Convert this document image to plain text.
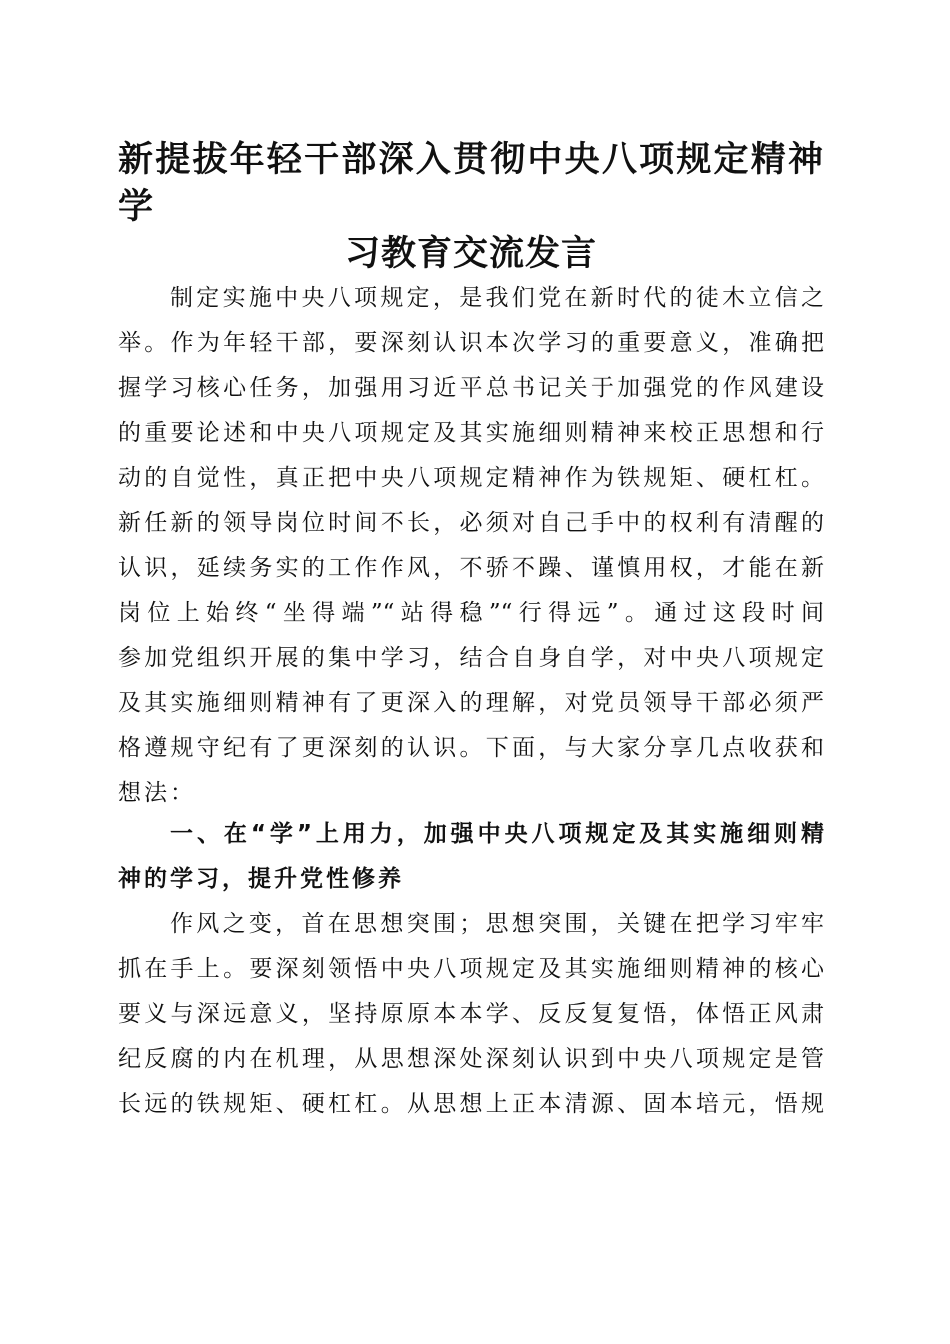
新提拔年轻干部深入贯彻中央八项规定精神学
习教育交流发言
制定实施中央八项规定，是我们党在新时代的徒木立信之
举。作为年轻干部，要深刻认识本次学习的重要意义，准确把
握学习核心任务，加强用习近平总书记关于加强党的作风建设
的重要论述和中央八项规定及其实施细则精神来校正思想和行
动的自觉性，真正把中央八项规定精神作为铁规矩、硬杠杠。
新任新的领导岗位时间不长，必须对自己手中的权利有清醒的
认识，延续务实的工作作风，不骄不躁、谨慎用权，才能在新
岗位上始终“坐得端”“站得稳”“行得远”。通过这段时间
参加党组织开展的集中学习，结合自身自学，对中央八项规定
及其实施细则精神有了更深入的理解，对党员领导干部必须严
格遵规守纪有了更深刻的认识。下面，与大家分享几点收获和
想法：
一、在“学”上用力，加强中央八项规定及其实施细则精
神的学习，提升党性修养
作风之变，首在思想突围；思想突围，关键在把学习牢牢
抓在手上。要深刻领悟中央八项规定及其实施细则精神的核心
要义与深远意义，坚持原原本本学、反反复复悟，体悟正风肃
纪反腐的内在机理，从思想深处深刻认识到中央八项规定是管
长远的铁规矩、硬杠杠。从思想上正本清源、固本培元，悟规
